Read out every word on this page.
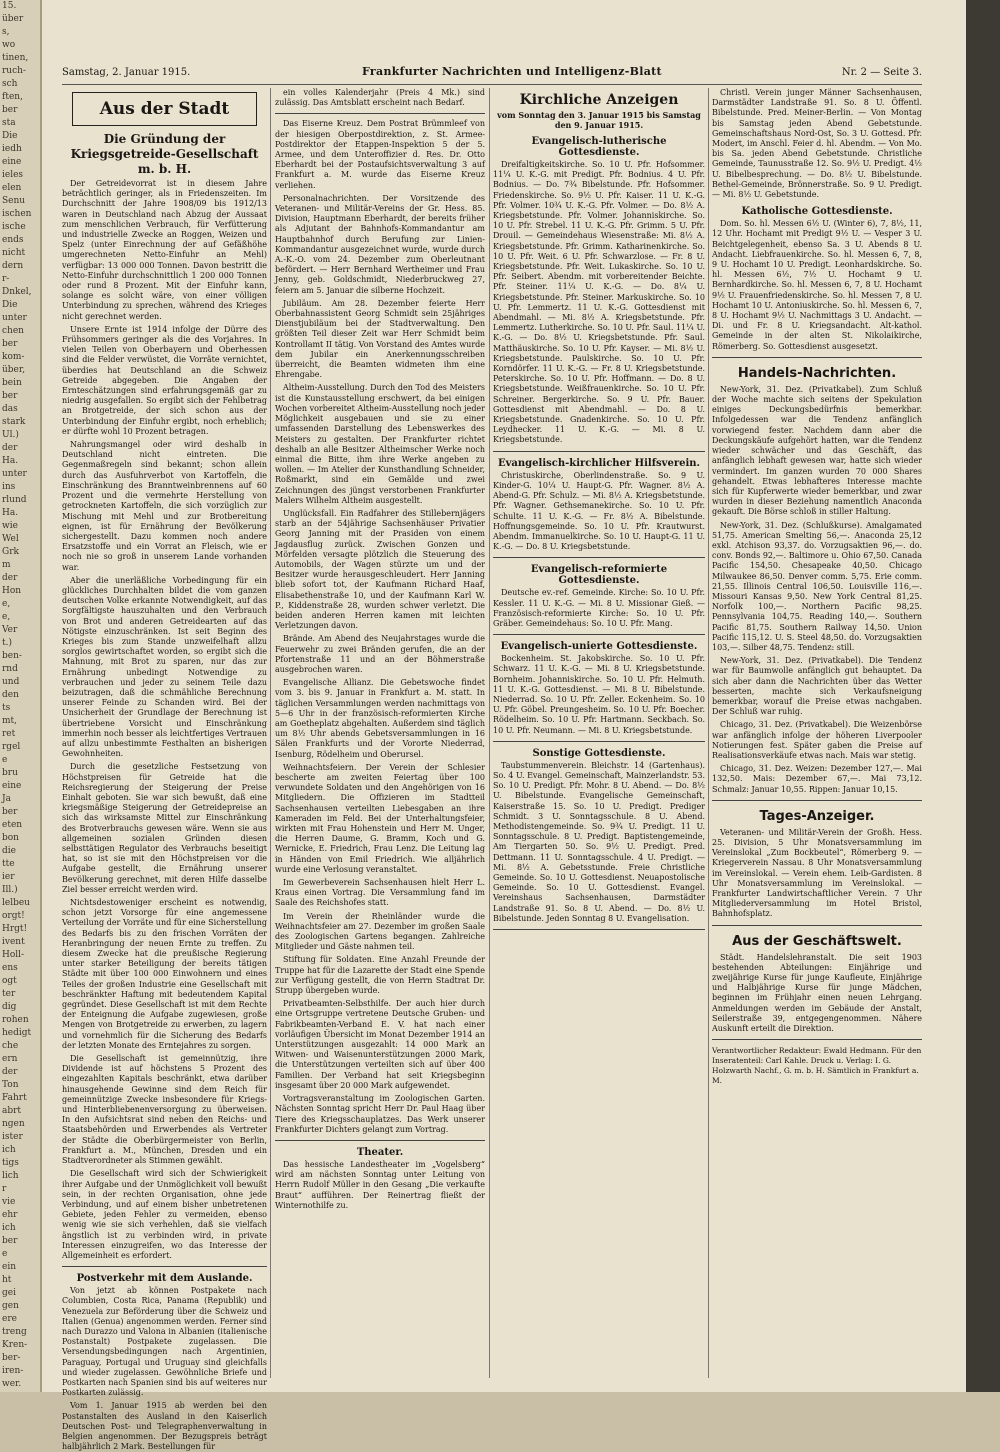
15.
über
s,
wo
tinen,
ruch-
sch
ften,
ber
sta
Die
iedh
eine
ieles
elen
Senu
ischen
ische
ends
nicht
dern
r-
Dnkel,
Die
unter
chen
ber
kom-
über,
bein
ber
das
stark
Ul.)
der
Ha.
unter
ins
rlund
Ha.
wie
Wel
Grk
m
der
Hon
e,
e,
Ver
t.)
ben-
rnd
und
den
ts
mt,
ret
rgel
e
bru
eine
Ja
ber
eten
bon
die
tte
ier
Ill.)
lelbeu
orgt!
Hrgt!
ivent
Holl-
ens
ogt
ter
dig
rohen
hedigt
che
ern
der
Ton
Fahrt
abrt
ngen
ister
ich
tigs
lich
r
vie
ehr
ich
ber
e
ein
ht
gei
gen
ere
treng
Kren-
ber-
iren-
wer.
Samstag, 2. Januar 1915.	Frankfurter Nachrichten und Intelligenz-Blatt	Nr. 2 — Seite 3.
Aus der Stadt
Die Gründung der Kriegsgetreide-Gesellschaft m. b. H.

Der Getreidevorrat ist in diesem Jahre beträchtlich geringer, als in Friedenszeiten. Im Durchschnitt der Jahre 1908/09 bis 1912/13 waren in Deutschland nach Abzug der Aussaat zum menschlichen Verbrauch, für Verfütterung und industrielle Zwecke an Roggen, Weizen und Spelz (unter Einrechnung der auf Gefäßhöhe umgerechneten Netto-Einfuhr an Mehl) verfügbar: 13 000 000 Tonnen. Davon bestritt die Netto-Einfuhr durchschnittlich 1 200 000 Tonnen oder rund 8 Prozent. Mit der Einfuhr kann, solange es solcht wäre, von einer völligen Unterbindung zu sprechen, während des Krieges nicht gerechnet werden.

Unsere Ernte ist 1914 infolge der Dürre des Frühsommers geringer als die des Vorjahres. In vielen Teilen von Oberbayern und Oberhessen sind die Felder verwüstet, die Vorräte vernichtet, überdies hat Deutschland an die Schweiz Getreide abgegeben. Die Angaben der Ernteschätzungen sind erfahrungsgemäß gar zu niedrig ausgefallen. So ergibt sich der Fehlbetrag an Brotgetreide, der sich schon aus der Unterbindung der Einfuhr ergibt, noch erheblich; er dürfte wohl 10 Prozent betragen.

Nahrungsmangel oder wird deshalb in Deutschland nicht eintreten. Die Gegenmaßregeln sind bekannt; schon allein durch das Ausfuhrverbot von Kartoffeln, die Einschränkung des Branntweinbrennens auf 60 Prozent und die vermehrte Herstellung von getrockneten Kartoffeln, die sich vorzüglich zur Mischung mit Mehl und zur Brotbereitung eignen, ist für Ernährung der Bevölkerung sichergestellt. Dazu kommen noch andere Ersatzstoffe und ein Vorrat an Fleisch, wie er noch nie so groß in unserem Lande vorhanden war.

Aber die unerläßliche Vorbedingung für ein glückliches Durchhalten bildet die vom ganzen deutschen Volke erkannte Notwendigkeit, auf das Sorgfältigste hauszuhalten und den Verbrauch von Brot und anderen Getreidearten auf das Nötigste einzuschränken. Ist seit Beginn des Krieges bis zum Stande unzweifelhaft allzu sorglos gewirtschaftet worden, so ergibt sich die Mahnung, mit Brot zu sparen, nur das zur Ernährung unbedingt Notwendige zu verbrauchen und jeder zu seinem Teile dazu beizutragen, daß die schmähliche Berechnung unserer Feinde zu Schanden wird. Bei der Unsicherheit der Grundlage der Berechnung ist übertriebene Vorsicht und Einschränkung immerhin noch besser als leichtfertiges Vertrauen auf allzu unbestimmte Festhalten an bisherigen Gewohnheiten.

Durch die gesetzliche Festsetzung von Höchstpreisen für Getreide hat die Reichsregierung der Steigerung der Preise Einhalt geboten. Sie war sich bewußt, daß eine kriegsmäßige Steigerung der Getreidepreise an sich das wirksamste Mittel zur Einschränkung des Brotverbrauchs gewesen wäre. Wenn sie aus allgemeinen sozialen Gründen diesen selbsttätigen Regulator des Verbrauchs beseitigt hat, so ist sie mit den Höchstpreisen vor die Aufgabe gestellt, die Ernährung unserer Bevölkerung gerechnet, mit deren Hilfe dasselbe Ziel besser erreicht werden wird.

Nichtsdestoweniger erscheint es notwendig, schon jetzt Vorsorge für eine angemessene Verteilung der Vorräte und für eine Sicherstellung des Bedarfs bis zu den frischen Vorräten der Heranbringung der neuen Ernte zu treffen. Zu diesem Zwecke hat die preußische Regierung unter starker Beteiligung der bereits tätigen Städte mit über 100 000 Einwohnern und eines Teiles der großen Industrie eine Gesellschaft mit beschränkter Haftung mit bedeutendem Kapital gegründet. Diese Gesellschaft ist mit dem Rechte der Enteignung die Aufgabe zugewiesen, große Mengen von Brotgetreide zu erwerben, zu lagern und vornehmlich für die Sicherung des Bedarfs der letzten Monate des Erntejahres zu sorgen.

Die Gesellschaft ist gemeinnützig, ihre Dividende ist auf höchstens 5 Prozent des eingezahlten Kapitals beschränkt, etwa darüber hinausgehende Gewinne sind dem Reich für gemeinnützige Zwecke insbesondere für Kriegs- und Hinterbliebenenversorgung zu überweisen. In den Aufsichtsrat sind neben den Reichs- und Staatsbehörden und Erwerbendes als Vertreter der Städte die Oberbürgermeister von Berlin, Frankfurt a. M., München, Dresden und ein Stadtverordneter als Stimmen gewählt.

Die Gesellschaft wird sich der Schwierigkeit ihrer Aufgabe und der Unmöglichkeit voll bewußt sein, in der rechten Organisation, ohne jede Verbindung, und auf einem bisher unbetretenen Gebiete, jeden Fehler zu vermeiden, ebenso wenig wie sie sich verhehlen, daß sie vielfach ängstlich ist zu verbinden wird, in private Interessen einzugreifen, wo das Interesse der Allgemeinheit es erfordert.

Postverkehr mit dem Auslande.

Von jetzt ab können Postpakete nach Columbien, Costa Rica, Panama (Republik) und Venezuela zur Beförderung über die Schweiz und Italien (Genua) angenommen werden. Ferner sind nach Durazzo und Valona in Albanien (italienische Postanstalt) Postpakete zugelassen. Die Versendungsbedingungen nach Argentinien, Paraguay, Portugal und Uruguay sind gleichfalls und wieder zugelassen. Gewöhnliche Briefe und Postkarten nach Spanien sind bis auf weiteres nur Postkarten zulässig.

Vom 1. Januar 1915 ab werden bei den Postanstalten des Ausland in den Kaiserlich Deutschen Post- und Telegraphenverwaltung in Belgien angenommen. Der Bezugspreis beträgt halbjährlich 2 Mark. Bestellungen für

ein volles Kalenderjahr (Preis 4 Mk.) sind zulässig. Das Amtsblatt erscheint nach Bedarf.

Das Eiserne Kreuz. Dem Postrat Brümmleef von der hiesigen Oberpostdirektion, z. St. Armee-Postdirektor der Etappen-Inspektion 5 der 5. Armee, und dem Unteroffizier d. Res. Dr. Otto Eberhardt bei der Postaufsichtsverwaltung 3 auf Frankfurt a. M. wurde das Eiserne Kreuz verliehen.

Personalnachrichten. Der Vorsitzende des Veteranen- und Militär-Vereins der Gr. Hess. 85. Division, Hauptmann Eberhardt, der bereits früher als Adjutant der Bahnhofs-Kommandantur am Hauptbahnhof durch Berufung zur Linien-Kommandantur ausgezeichnet wurde, wurde durch A.-K.-O. vom 24. Dezember zum Oberleutnant befördert. — Herr Bernhard Wertheimer und Frau Jenny, geb. Goldschmidt, Niederbruckweg 27, feiern am 5. Januar die silberne Hochzeit.

Jubiläum. Am 28. Dezember feierte Herr Oberbahnassistent Georg Schmidt sein 25jähriges Dienstjubiläum bei der Stadtverwaltung. Den größten Teil dieser Zeit war Herr Schmidt beim Kontrollamt II tätig. Von Vorstand des Amtes wurde dem Jubilar ein Anerkennungsschreiben überreicht, die Beamten widmeten ihm eine Ehrengabe.

Altheim-Ausstellung. Durch den Tod des Meisters ist die Kunstausstellung erschwert, da bei einigen Wochen vorbereitet Altheim-Ausstellung noch jeder Möglichkeit ausgebauen und sie zu einer umfassenden Darstellung des Lebenswerkes des Meisters zu gestalten. Der Frankfurter richtet deshalb an alle Besitzer Altheimscher Werke noch einmal die Bitte, ihm ihre Werke angeben zu wollen. — Im Atelier der Kunsthandlung Schneider, Roßmarkt, sind ein Gemälde und zwei Zeichnungen des jüngst verstorbenen Frankfurter Malers Wilhelm Altheim ausgestellt.

Unglücksfall. Ein Radfahrer des Stillebernjägers starb an der 54jährige Sachsenhäuser Privatier Georg Janning mit der Prasiden von einem Jagdausflug zurück. Zwischen Gonzen und Mörfelden versagte plötzlich die Steuerung des Automobils, der Wagen stürzte um und der Besitzer wurde herausgeschleudert. Herr Janning blieb sofort tot, der Kaufmann Richard Haaf, Elisabethenstraße 10, und der Kaufmann Karl W. P., Kiddenstraße 28, wurden schwer verletzt. Die beiden anderen Herren kamen mit leichten Verletzungen davon.

Brände. Am Abend des Neujahrstages wurde die Feuerwehr zu zwei Bränden gerufen, die an der Pfortenstraße 11 und an der Böhmerstraße ausgebrochen waren.

Evangelische Allianz. Die Gebetswoche findet vom 3. bis 9. Januar in Frankfurt a. M. statt. In täglichen Versammlungen werden nachmittags von 5—6 Uhr in der französisch-reformierten Kirche am Goetheplatz abgehalten. Außerdem sind täglich um 8½ Uhr abends Gebetsversammlungen in 16 Sälen Frankfurts und der Vororte Niederrad, Isenburg, Rödelheim und Oberursel.

Weihnachtsfeiern. Der Verein der Schlesier bescherte am zweiten Feiertag über 100 verwundete Soldaten und den Angehörigen von 16 Mitgliedern. Die Offizieren im Stadtteil Sachsenhausen verteilten Liebesgaben an ihre Kameraden im Feld. Bei der Unterhaltungsfeier, wirkten mit Frau Hohenstein und Herr M. Unger, die Herren Daume, G. Bramm, Koch und G. Wernicke, E. Friedrich, Frau Lenz. Die Leitung lag in Händen von Emil Friedrich. Wie alljährlich wurde eine Verlosung veranstaltet.

Im Gewerbeverein Sachsenhausen hielt Herr L. Kraus einen Vortrag. Die Versammlung fand im Saale des Reichshofes statt.

Im Verein der Rheinländer wurde die Weihnachtsfeier am 27. Dezember im großen Saale des Zoologischen Gartens begangen. Zahlreiche Mitglieder und Gäste nahmen teil.

Stiftung für Soldaten. Eine Anzahl Freunde der Truppe hat für die Lazarette der Stadt eine Spende zur Verfügung gestellt, die von Herrn Stadtrat Dr. Strupp übergeben wurde.

Privatbeamten-Selbsthilfe. Der auch hier durch eine Ortsgruppe vertretene Deutsche Gruben- und Fabrikbeamten-Verband E. V. hat nach einer vorläufigen Übersicht im Monat Dezember 1914 an Unterstützungen ausgezahlt: 14 000 Mark an Witwen- und Waisenunterstützungen 2000 Mark, die Unterstützungen verteilten sich auf über 400 Familien. Der Verband hat seit Kriegsbeginn insgesamt über 20 000 Mark aufgewendet.

Vortragsveranstaltung im Zoologischen Garten. Nächsten Sonntag spricht Herr Dr. Paul Haag über Tiere des Kriegsschauplatzes. Das Werk unserer Frankfurter Dichters gelangt zum Vortrag.

Theater.

Das hessische Landestheater im „Vogelsberg“ wird am nächsten Sonntag unter Leitung von Herrn Rudolf Müller in den Gesang „Die verkaufte Braut“ aufführen. Der Reinertrag fließt der Winternothilfe zu.

Kirchliche Anzeigen
vom Sonntag den 3. Januar 1915 bis Samstag den 9. Januar 1915.
Evangelisch-lutherische Gottesdienste.

Dreifaltigkeitskirche. So. 10 U. Pfr. Hofsommer. 11¼ U. K.-G. mit Predigt. Pfr. Bodnius. 4 U. Pfr. Bodnius. — Do. 7¾ Bibelstunde. Pfr. Hofsommer. Friedenskirche. So. 9½ U. Pfr. Kaiser. 11 U. K.-G. Pfr. Volmer. 10¾ U. K.-G. Pfr. Volmer. — Do. 8½ A. Kriegsbetstunde. Pfr. Volmer. Johanniskirche. So. 10 U. Pfr. Strebel. 11 U. K.-G. Pfr. Grimm. 5 U. Pfr. Drouil. — Gemeindehaus Wiesenstraße: Mi. 8½ A. Kriegsbetstunde. Pfr. Grimm. Katharinenkirche. So. 10 U. Pfr. Weit. 6 U. Pfr. Schwarzlose. — Fr. 8 U. Kriegsbetstunde. Pfr. Weit. Lukaskirche. So. 10 U. Pfr. Seibert. Abendm. mit vorbereitender Beichte. Pfr. Steiner. 11¼ U. K.-G. — Do. 8¼ U. Kriegsbetstunde. Pfr. Steiner. Markuskirche. So. 10 U. Pfr. Lemmertz. 11 U. K.-G. Gottesdienst mit Abendmahl. — Mi. 8½ A. Kriegsbetstunde. Pfr. Lemmertz. Lutherkirche. So. 10 U. Pfr. Saul. 11¼ U. K.-G. — Do. 8½ U. Kriegsbetstunde. Pfr. Saul. Matthäuskirche. So. 10 U. Pfr. Kayser. — Mi. 8½ U. Kriegsbetstunde. Paulskirche. So. 10 U. Pfr. Korndörfer. 11 U. K.-G. — Fr. 8 U. Kriegsbetstunde. Peterskirche. So. 10 U. Pfr. Hoffmann. — Do. 8 U. Kriegsbetstunde. Weißfrauenkirche. So. 10 U. Pfr. Schreiner. Bergerkirche. So. 9 U. Pfr. Bauer. Gottesdienst mit Abendmahl. — Do. 8 U. Kriegsbetstunde. Gnadenkirche. So. 10 U. Pfr. Leydhecker. 11 U. K.-G. — Mi. 8 U. Kriegsbetstunde.

Evangelisch-kirchlicher Hilfsverein.

Christuskirche, Oberlindenstraße. So. 9 U. Kinder-G. 10¼ U. Haupt-G. Pfr. Wagner. 8½ A. Abend-G. Pfr. Schulz. — Mi. 8½ A. Kriegsbetstunde. Pfr. Wagner. Gethsemanekirche. So. 10 U. Pfr. Schulte. 11 U. K.-G. — Fr. 8½ A. Bibelstunde. Hoffnungsgemeinde. So. 10 U. Pfr. Krautwurst. Abendm. Immanuelkirche. So. 10 U. Haupt-G. 11 U. K.-G. — Do. 8 U. Kriegsbetstunde.

Evangelisch-reformierte Gottesdienste.

Deutsche ev.-ref. Gemeinde. Kirche: So. 10 U. Pfr. Kessler. 11 U. K.-G. — Mi. 8 U. Missionar Gieß. — Französisch-reformierte Kirche: So. 10 U. Pfr. Gräber. Gemeindehaus: So. 10 U. Pfr. Mang.

Evangelisch-unierte Gottesdienste.

Bockenheim. St. Jakobskirche. So. 10 U. Pfr. Schwarz. 11 U. K.-G. — Mi. 8 U. Kriegsbetstunde. Bornheim. Johanniskirche. So. 10 U. Pfr. Helmuth. 11 U. K.-G. Gottesdienst. — Mi. 8 U. Bibelstunde. Niederrad. So. 10 U. Pfr. Zeller. Eckenheim. So. 10 U. Pfr. Göbel. Preungesheim. So. 10 U. Pfr. Boecher. Rödelheim. So. 10 U. Pfr. Hartmann. Seckbach. So. 10 U. Pfr. Neumann. — Mi. 8 U. Kriegsbetstunde.

Sonstige Gottesdienste.

Taubstummenverein. Bleichstr. 14 (Gartenhaus). So. 4 U. Evangel. Gemeinschaft, Mainzerlandstr. 53. So. 10 U. Predigt. Pfr. Mohr. 8 U. Abend. — Do. 8½ U. Bibelstunde. Evangelische Gemeinschaft, Kaiserstraße 15. So. 10 U. Predigt. Prediger Schmidt. 3 U. Sonntagsschule. 8 U. Abend. Methodistengemeinde. So. 9¾ U. Predigt. 11 U. Sonntagsschule. 8 U. Predigt. Baptistengemeinde, Am Tiergarten 50. So. 9½ U. Predigt. Pred. Dettmann. 11 U. Sonntagsschule. 4 U. Predigt. — Mi. 8½ A. Gebetsstunde. Freie Christliche Gemeinde. So. 10 U. Gottesdienst. Neuapostolische Gemeinde. So. 10 U. Gottesdienst. Evangel. Vereinshaus Sachsenhausen, Darmstädter Landstraße 91. So. 8 U. Abend. — Do. 8½ U. Bibelstunde. Jeden Sonntag 8 U. Evangelisation.

Christl. Verein junger Männer Sachsenhausen, Darmstädter Landstraße 91. So. 8 U. Öffentl. Bibelstunde. Pred. Meiner-Berlin. — Von Montag bis Samstag jeden Abend Gebetstunde. Gemeinschaftshaus Nord-Ost, So. 3 U. Gottesd. Pfr. Modert, im Anschl. Feier d. hl. Abendm. — Von Mo. bis Sa. jeden Abend Gebetstunde. Christliche Gemeinde, Taunusstraße 12. So. 9½ U. Predigt. 4½ U. Bibelbesprechung. — Do. 8½ U. Bibelstunde. Bethel-Gemeinde, Brönnerstraße. So. 9 U. Predigt. — Mi. 8½ U. Gebetstunde.

Katholische Gottesdienste.

Dom. So. hl. Messen 6½ U. (Winter 6), 7, 8½, 11, 12 Uhr. Hochamt mit Predigt 9½ U. — Vesper 3 U. Beichtgelegenheit, ebenso Sa. 3 U. Abends 8 U. Andacht. Liebfrauenkirche. So. hl. Messen 6, 7, 8, 9 U. Hochamt 10 U. Predigt. Leonhardskirche. So. hl. Messen 6½, 7½ U. Hochamt 9 U. Bernhardkirche. So. hl. Messen 6, 7, 8 U. Hochamt 9½ U. Frauenfriedenskirche. So. hl. Messen 7, 8 U. Hochamt 10 U. Antoniuskirche. So. hl. Messen 6, 7, 8 U. Hochamt 9½ U. Nachmittags 3 U. Andacht. — Di. und Fr. 8 U. Kriegsandacht. Alt-kathol. Gemeinde in der alten St. Nikolaikirche, Römerberg. So. Gottesdienst ausgesetzt.

Handels-Nachrichten.

New-York, 31. Dez. (Privatkabel). Zum Schluß der Woche machte sich seitens der Spekulation einiges Deckungsbedürfnis bemerkbar. Infolgedessen war die Tendenz anfänglich vorwiegend fester. Nachdem dann aber die Deckungskäufe aufgehört hatten, war die Tendenz wieder schwächer und das Geschäft, das anfänglich lebhaft gewesen war, hatte sich wieder vermindert. Im ganzen wurden 70 000 Shares gehandelt. Etwas lebhafteres Interesse machte sich für Kupferwerte wieder bemerkbar, und zwar wurden in dieser Beziehung namentlich Anaconda gekauft. Die Börse schloß in stiller Haltung.

New-York, 31. Dez. (Schlußkurse). Amalgamated 51,75. American Smelting 56,—. Anaconda 25,12 exkl. Atchison 93,37. do. Vorzugsaktien 96,—. do. conv. Bonds 92,—. Baltimore u. Ohio 67,50. Canada Pacific 154,50. Chesapeake 40,50. Chicago Milwaukee 86,50. Denver comm. 5,75. Erie comm. 21,55. Illinois Central 106,50. Louisville 116,—. Missouri Kansas 9,50. New York Central 81,25. Norfolk 100,—. Northern Pacific 98,25. Pennsylvania 104,75. Reading 140,—. Southern Pacific 81,75. Southern Railway 14,50. Union Pacific 115,12. U. S. Steel 48,50. do. Vorzugsaktien 103,—. Silber 48,75. Tendenz: still.

New-York, 31. Dez. (Privatkabel). Die Tendenz war für Baumwolle anfänglich gut behauptet. Da sich aber dann die Nachrichten über das Wetter besserten, machte sich Verkaufsneigung bemerkbar, worauf die Preise etwas nachgaben. Der Schluß war ruhig.

Chicago, 31. Dez. (Privatkabel). Die Weizenbörse war anfänglich infolge der höheren Liverpooler Notierungen fest. Später gaben die Preise auf Realisationsverkäufe etwas nach. Mais war stetig.

Chicago, 31. Dez. Weizen: Dezember 127,—. Mai 132,50. Mais: Dezember 67,—. Mai 73,12. Schmalz: Januar 10,55. Rippen: Januar 10,15.

Tages-Anzeiger.

Veteranen- und Militär-Verein der Großh. Hess. 25. Division, 5 Uhr Monatsversammlung im Vereinslokal „Zum Bockbeutel“, Römerberg 9. — Kriegerverein Nassau. 8 Uhr Monatsversammlung im Vereinslokal. — Verein ehem. Leib-Gardisten. 8 Uhr Monatsversammlung im Vereinslokal. — Frankfurter Landwirtschaftlicher Verein. 7 Uhr Mitgliederversammlung im Hotel Bristol, Bahnhofsplatz.

Aus der Geschäftswelt.

Städt. Handelslehranstalt. Die seit 1903 bestehenden Abteilungen: Einjährige und zweijährige Kurse für junge Kaufleute, Einjährige und Halbjährige Kurse für junge Mädchen, beginnen im Frühjahr einen neuen Lehrgang. Anmeldungen werden im Gebäude der Anstalt, Seilerstraße 39, entgegengenommen. Nähere Auskunft erteilt die Direktion.

Verantwortlicher Redakteur: Ewald Hedmann. Für den Inseratenteil: Carl Kahle. Druck u. Verlag: I. G. Holzwarth Nachf., G. m. b. H. Sämtlich in Frankfurt a. M.
